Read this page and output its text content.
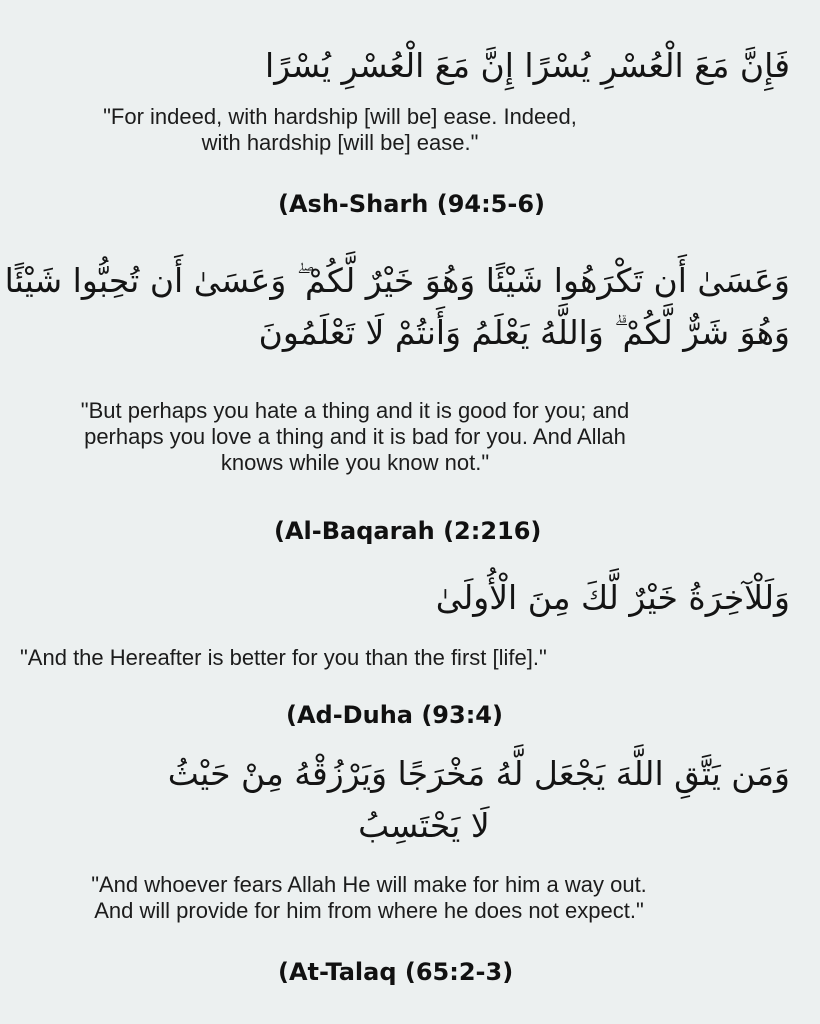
فَإِنَّ مَعَ الْعُسْرِ يُسْرًا إِنَّ مَعَ الْعُسْرِ يُسْرًا
"For indeed, with hardship [will be] ease. Indeed,
with hardship [will be] ease."
(Ash-Sharh (94:5-6)
وَعَسَىٰ أَن تَكْرَهُوا شَيْئًا وَهُوَ خَيْرٌ لَّكُمْ ۖ وَعَسَىٰ أَن تُحِبُّوا شَيْئًا
وَهُوَ شَرٌّ لَّكُمْ ۗ وَاللَّهُ يَعْلَمُ وَأَنتُمْ لَا تَعْلَمُونَ
"But perhaps you hate a thing and it is good for you; and
perhaps you love a thing and it is bad for you. And Allah
knows while you know not."
(Al-Baqarah (2:216)
وَلَلْآخِرَةُ خَيْرٌ لَّكَ مِنَ الْأُولَىٰ
"And the Hereafter is better for you than the first [life]."
(Ad-Duha (93:4)
وَمَن يَتَّقِ اللَّهَ يَجْعَل لَّهُ مَخْرَجًا وَيَرْزُقْهُ مِنْ حَيْثُ
لَا يَحْتَسِبُ
"And whoever fears Allah He will make for him a way out.
And will provide for him from where he does not expect."
(At-Talaq (65:2-3)
